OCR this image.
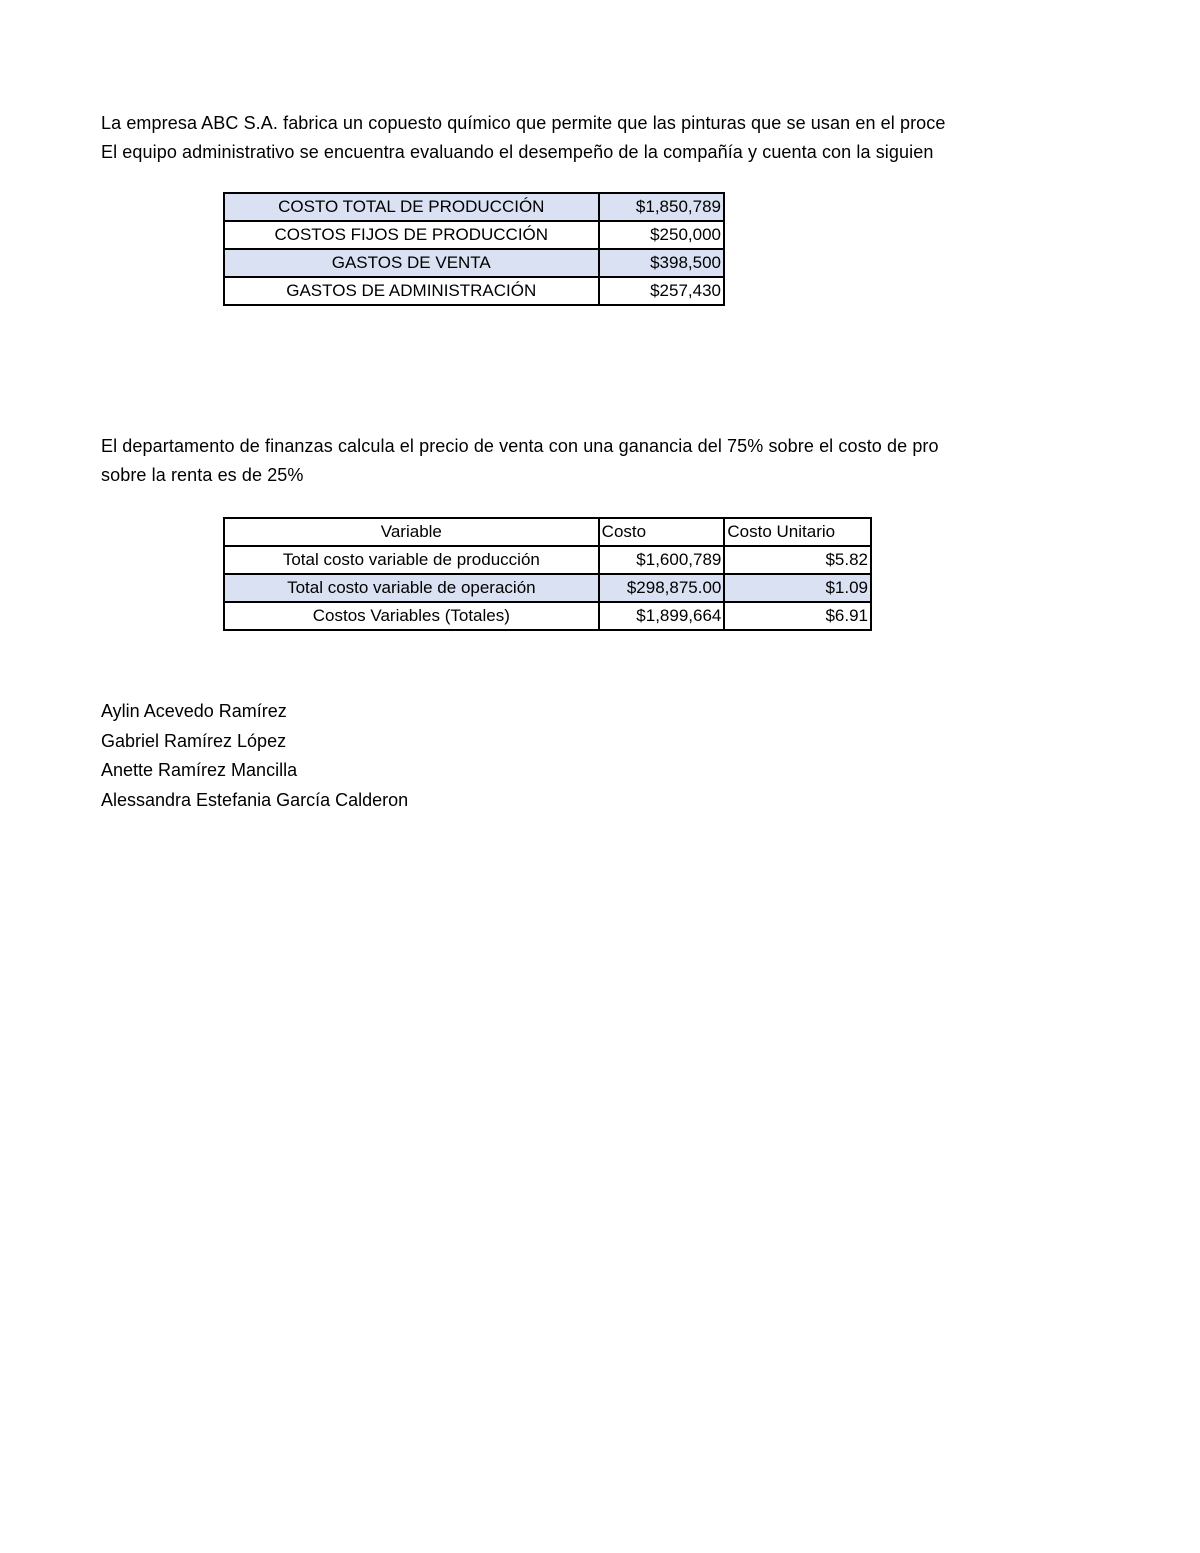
La empresa ABC S.A. fabrica un copuesto químico que permite que las pinturas que se usan en el proce
El equipo administrativo se encuentra evaluando el desempeño de la compañía y cuenta con la siguien
COSTO TOTAL DE PRODUCCIÓN	$1,850,789
COSTOS FIJOS DE PRODUCCIÓN	$250,000
GASTOS DE VENTA	$398,500
GASTOS DE ADMINISTRACIÓN	$257,430
El departamento de finanzas calcula el precio de venta con una ganancia del 75% sobre el costo de pro
sobre la renta es de 25%
Variable	Costo	Costo Unitario
Total costo variable de producción	$1,600,789	$5.82
Total costo variable de operación	$298,875.00	$1.09
Costos Variables (Totales)	$1,899,664	$6.91
Aylin Acevedo Ramírez
Gabriel Ramírez López
Anette Ramírez Mancilla
Alessandra Estefania García Calderon
